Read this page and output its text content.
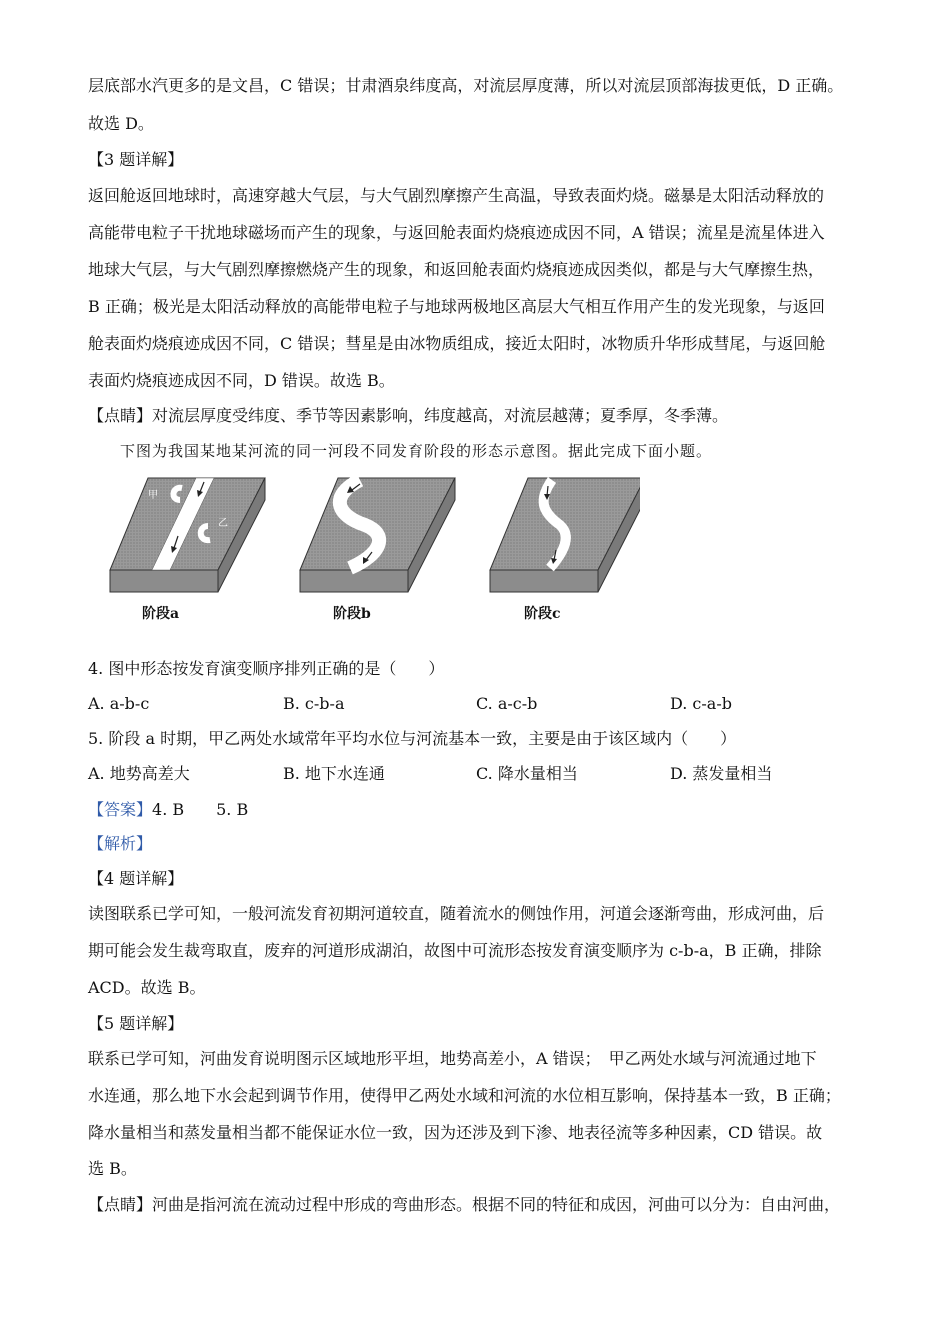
层底部水汽更多的是文昌，C 错误；甘肃酒泉纬度高，对流层厚度薄，所以对流层顶部海拔更低，D 正确。
故选 D。
【3 题详解】
返回舱返回地球时，高速穿越大气层，与大气剧烈摩擦产生高温，导致表面灼烧。磁暴是太阳活动释放的
高能带电粒子干扰地球磁场而产生的现象，与返回舱表面灼烧痕迹成因不同，A 错误；流星是流星体进入
地球大气层，与大气剧烈摩擦燃烧产生的现象，和返回舱表面灼烧痕迹成因类似，都是与大气摩擦生热，
B 正确；极光是太阳活动释放的高能带电粒子与地球两极地区高层大气相互作用产生的发光现象，与返回
舱表面灼烧痕迹成因不同，C 错误；彗星是由冰物质组成，接近太阳时，冰物质升华形成彗尾，与返回舱
表面灼烧痕迹成因不同，D 错误。故选 B。
【点睛】对流层厚度受纬度、季节等因素影响，纬度越高，对流层越薄；夏季厚，冬季薄。
下图为我国某地某河流的同一河段不同发育阶段的形态示意图。据此完成下面小题。
甲
乙
阶段a	阶段b	阶段c
4. 图中形态按发育演变顺序排列正确的是（　　）
A. a-b-c	B. c-b-a	C. a-c-b	D. c-a-b
5. 阶段 a 时期，甲乙两处水域常年平均水位与河流基本一致，主要是由于该区域内（　　）
A. 地势高差大	B. 地下水连通	C. 降水量相当	D. 蒸发量相当
【答案】4. B　　5. B
【解析】
【4 题详解】
读图联系已学可知，一般河流发育初期河道较直，随着流水的侧蚀作用，河道会逐渐弯曲，形成河曲，后
期可能会发生裁弯取直，废弃的河道形成湖泊，故图中可流形态按发育演变顺序为 c-b-a，B 正确，排除
ACD。故选 B。
【5 题详解】
联系已学可知，河曲发育说明图示区域地形平坦，地势高差小，A 错误；　甲乙两处水域与河流通过地下
水连通，那么地下水会起到调节作用，使得甲乙两处水域和河流的水位相互影响，保持基本一致，B 正确；
降水量相当和蒸发量相当都不能保证水位一致，因为还涉及到下渗、地表径流等多种因素，CD 错误。故
选 B。
【点睛】河曲是指河流在流动过程中形成的弯曲形态。根据不同的特征和成因，河曲可以分为：自由河曲，
